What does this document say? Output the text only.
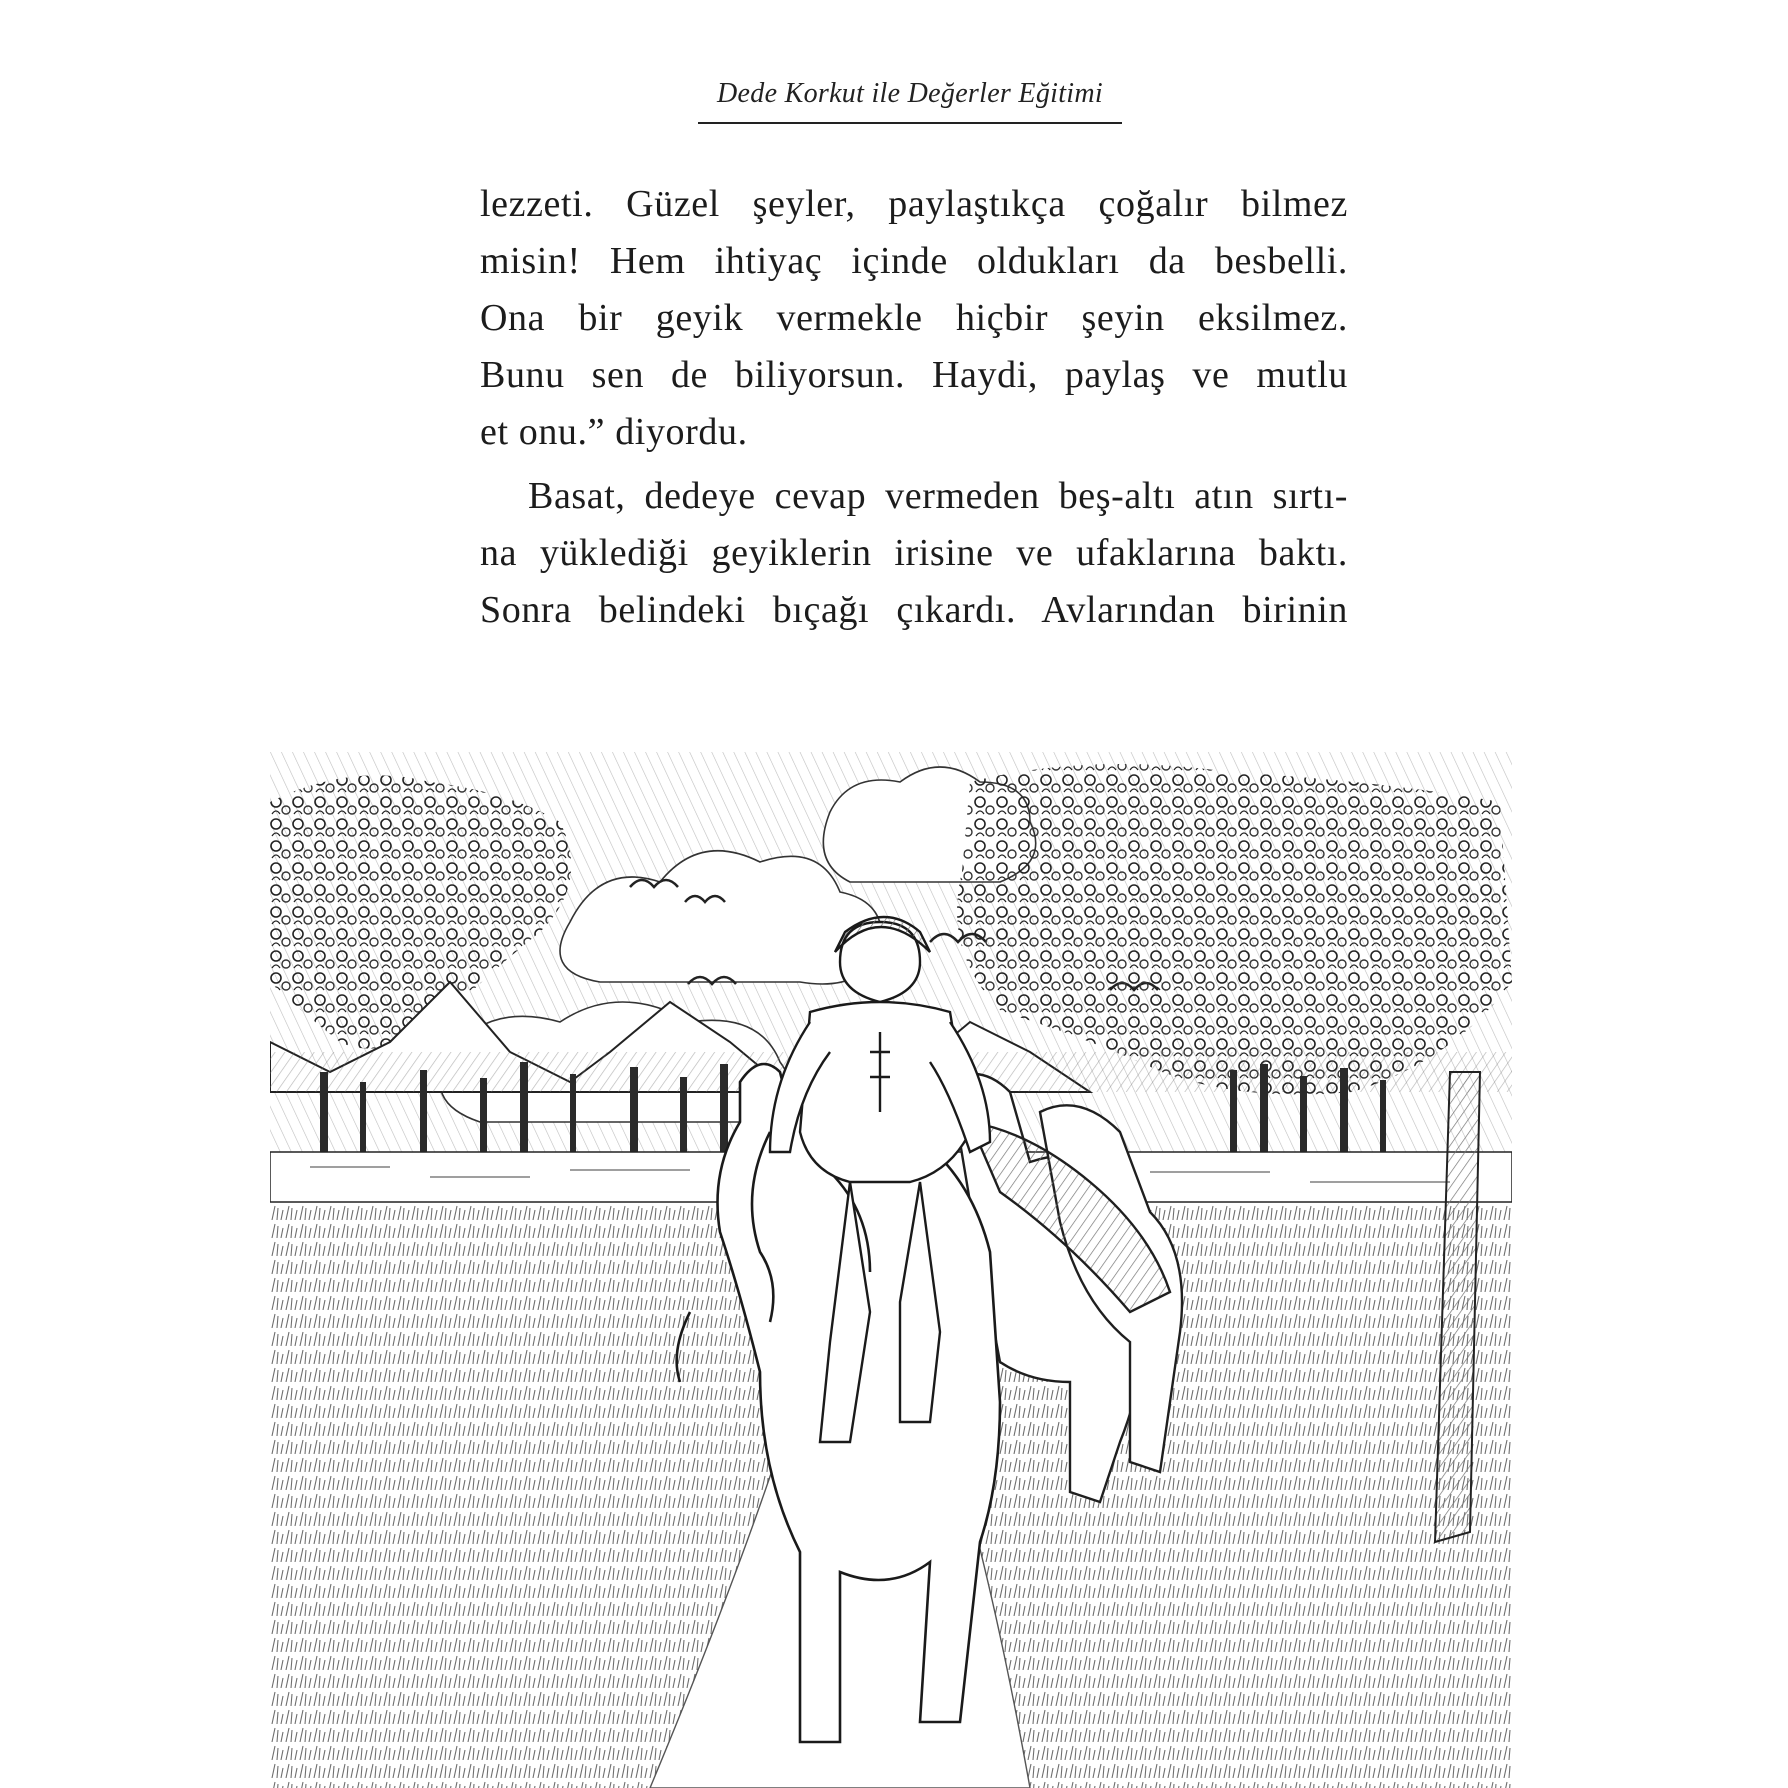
Dede Korkut ile Değerler Eğitimi
lezzeti. Güzel şeyler, paylaştıkça çoğalır bilmez
misin! Hem ihtiyaç içinde oldukları da besbelli.
Ona bir geyik vermekle hiçbir şeyin eksilmez.
Bunu sen de biliyorsun. Haydi, paylaş ve mutlu
et onu.” diyordu.
Basat, dedeye cevap vermeden beş-altı atın sırtı-
na yüklediği geyiklerin irisine ve ufaklarına baktı.
Sonra belindeki bıçağı çıkardı. Avlarından birinin
